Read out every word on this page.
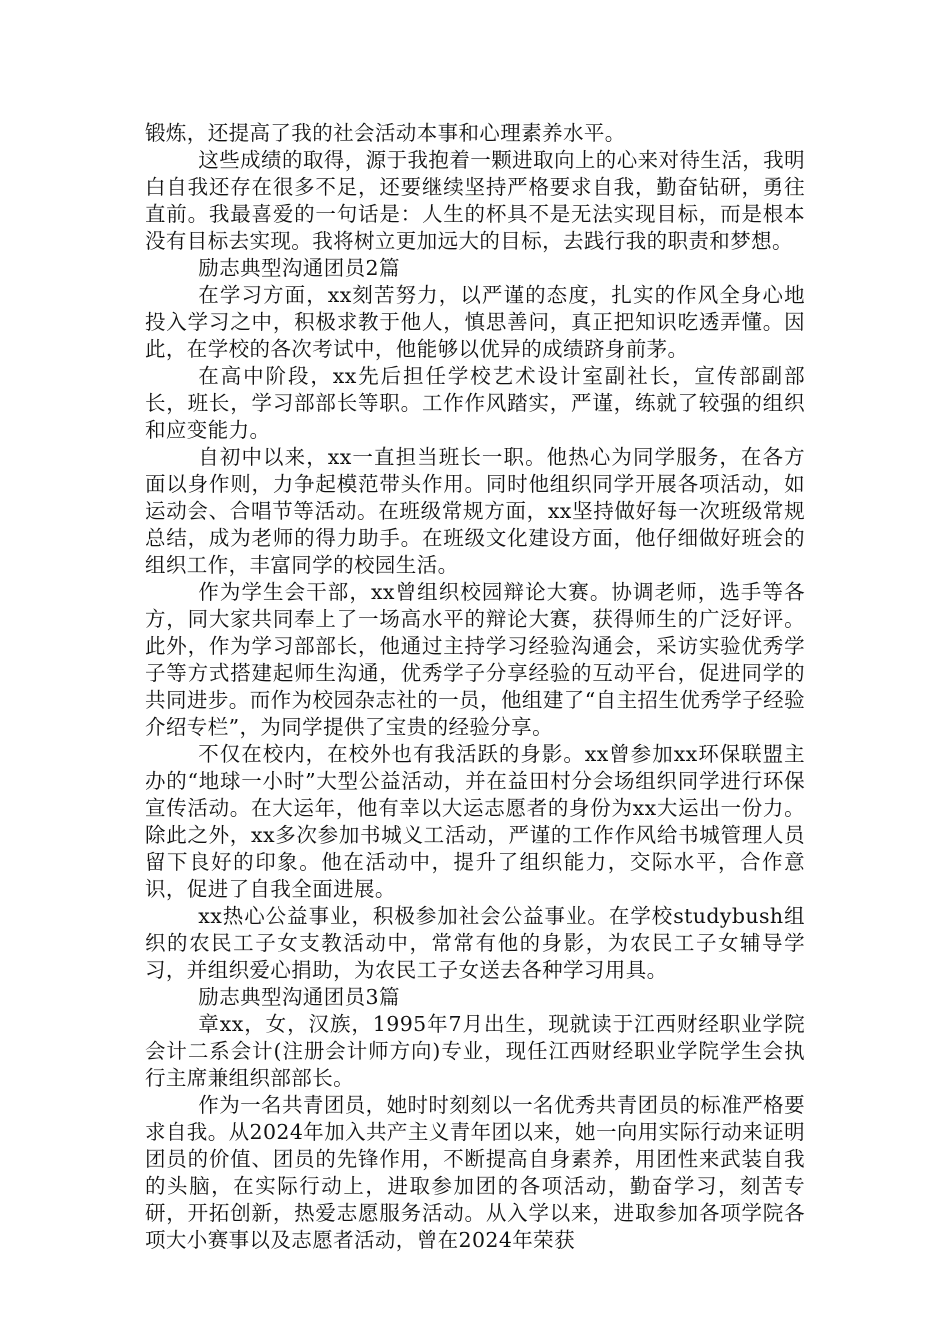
锻炼，还提高了我的社会活动本事和心理素养水平。

这些成绩的取得，源于我抱着一颗进取向上的心来对待生活，我明白自我还存在很多不足，还要继续坚持严格要求自我，勤奋钻研，勇往直前。我最喜爱的一句话是：人生的杯具不是无法实现目标，而是根本没有目标去实现。我将树立更加远大的目标，去践行我的职责和梦想。

励志典型沟通团员2篇

在学习方面，xx刻苦努力，以严谨的态度，扎实的作风全身心地投入学习之中，积极求教于他人，慎思善问，真正把知识吃透弄懂。因此，在学校的各次考试中，他能够以优异的成绩跻身前茅。

在高中阶段，xx先后担任学校艺术设计室副社长，宣传部副部长，班长，学习部部长等职。工作作风踏实，严谨，练就了较强的组织和应变能力。

自初中以来，xx一直担当班长一职。他热心为同学服务，在各方面以身作则，力争起模范带头作用。同时他组织同学开展各项活动，如运动会、合唱节等活动。在班级常规方面，xx坚持做好每一次班级常规总结，成为老师的得力助手。在班级文化建设方面，他仔细做好班会的组织工作，丰富同学的校园生活。

作为学生会干部，xx曾组织校园辩论大赛。协调老师，选手等各方，同大家共同奉上了一场高水平的辩论大赛，获得师生的广泛好评。此外，作为学习部部长，他通过主持学习经验沟通会，采访实验优秀学子等方式搭建起师生沟通，优秀学子分享经验的互动平台，促进同学的共同进步。而作为校园杂志社的一员，他组建了“自主招生优秀学子经验介绍专栏”，为同学提供了宝贵的经验分享。

不仅在校内，在校外也有我活跃的身影。xx曾参加xx环保联盟主办的“地球一小时”大型公益活动，并在益田村分会场组织同学进行环保宣传活动。在大运年，他有幸以大运志愿者的身份为xx大运出一份力。除此之外，xx多次参加书城义工活动，严谨的工作作风给书城管理人员留下良好的印象。他在活动中，提升了组织能力，交际水平，合作意识，促进了自我全面进展。

xx热心公益事业，积极参加社会公益事业。在学校studybush组织的农民工子女支教活动中，常常有他的身影，为农民工子女辅导学习，并组织爱心捐助，为农民工子女送去各种学习用具。

励志典型沟通团员3篇

章xx，女，汉族，1995年7月出生，现就读于江西财经职业学院会计二系会计(注册会计师方向)专业，现任江西财经职业学院学生会执行主席兼组织部部长。

作为一名共青团员，她时时刻刻以一名优秀共青团员的标准严格要求自我。从2024年加入共产主义青年团以来，她一向用实际行动来证明团员的价值、团员的先锋作用，不断提高自身素养，用团性来武装自我的头脑，在实际行动上，进取参加团的各项活动，勤奋学习，刻苦专研，开拓创新，热爱志愿服务活动。从入学以来，进取参加各项学院各项大小赛事以及志愿者活动，曾在2024年荣获
